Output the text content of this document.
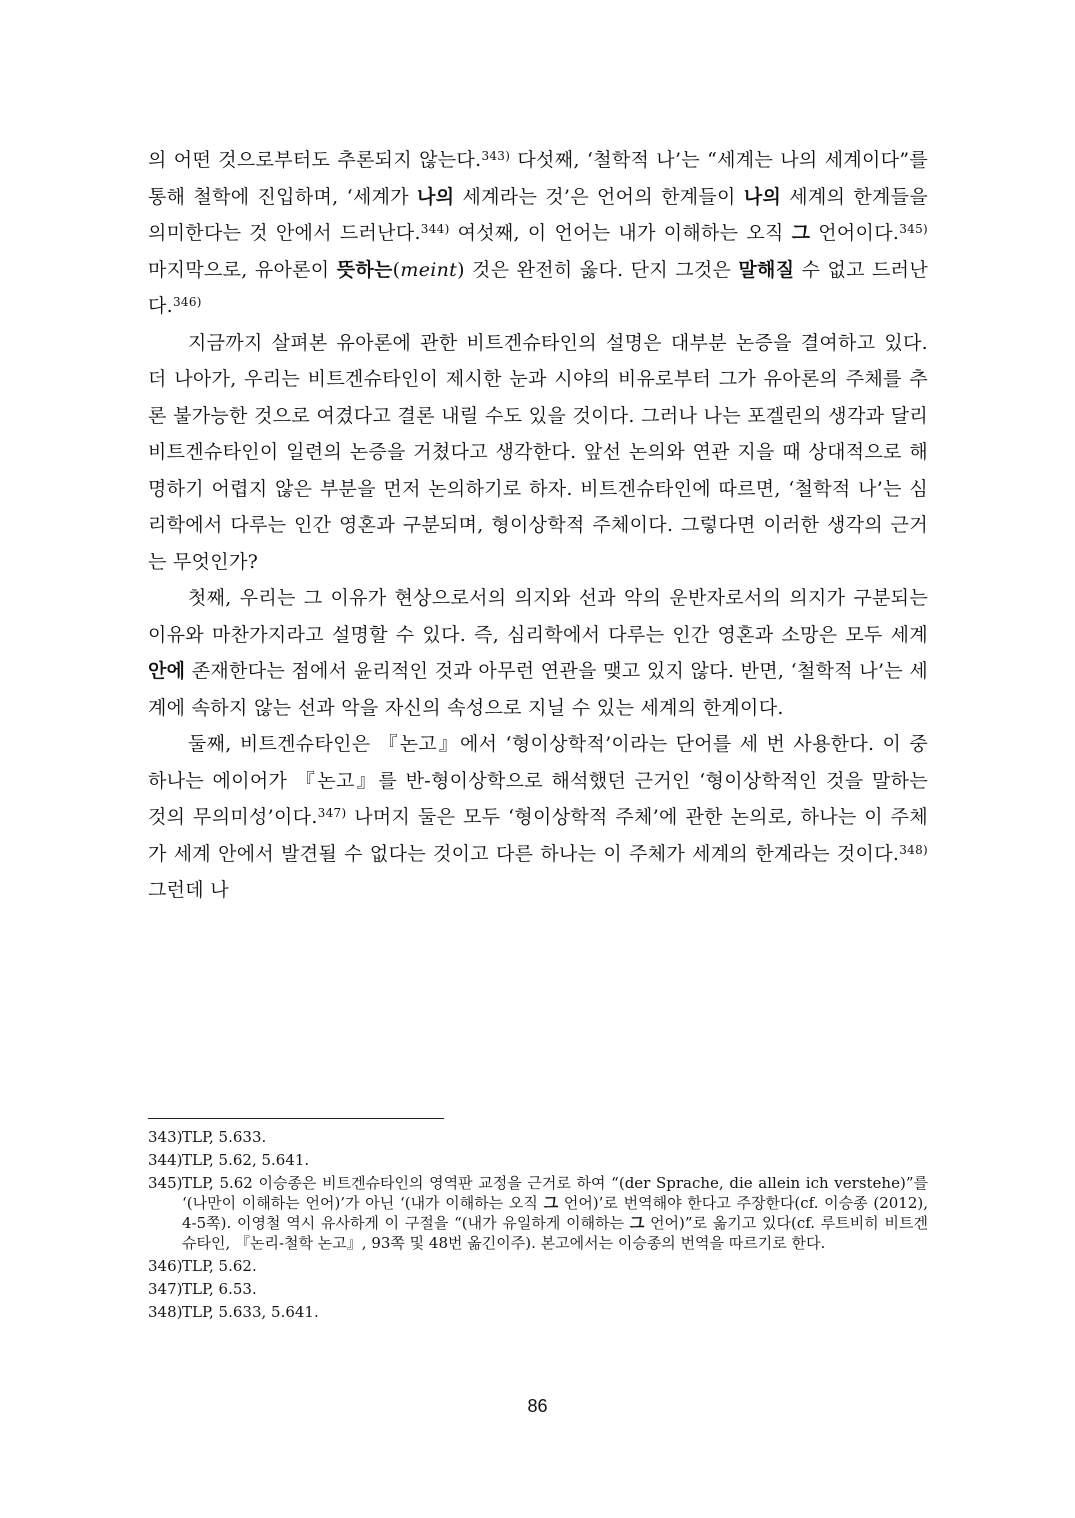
의 어떤 것으로부터도 추론되지 않는다.$^{343)}$ 다섯째, ‘철학적 나’는 “세계는 나의 세계이다”를 통해 철학에 진입하며, ‘세계가 나의 세계라는 것’은 언어의 한계들이 나의 세계의 한계들을 의미한다는 것 안에서 드러난다.$^{344)}$ 여섯째, 이 언어는 내가 이해하는 오직 그 언어이다.$^{345)}$ 마지막으로, 유아론이 뜻하는(meint) 것은 완전히 옳다. 단지 그것은 말해질 수 없고 드러난다.$^{346)}$

지금까지 살펴본 유아론에 관한 비트겐슈타인의 설명은 대부분 논증을 결여하고 있다. 더 나아가, 우리는 비트겐슈타인이 제시한 눈과 시야의 비유로부터 그가 유아론의 주체를 추론 불가능한 것으로 여겼다고 결론 내릴 수도 있을 것이다. 그러나 나는 포겔린의 생각과 달리 비트겐슈타인이 일련의 논증을 거쳤다고 생각한다. 앞선 논의와 연관 지을 때 상대적으로 해명하기 어렵지 않은 부분을 먼저 논의하기로 하자. 비트겐슈타인에 따르면, ‘철학적 나’는 심리학에서 다루는 인간 영혼과 구분되며, 형이상학적 주체이다. 그렇다면 이러한 생각의 근거는 무엇인가?

첫째, 우리는 그 이유가 현상으로서의 의지와 선과 악의 운반자로서의 의지가 구분되는 이유와 마찬가지라고 설명할 수 있다. 즉, 심리학에서 다루는 인간 영혼과 소망은 모두 세계 안에 존재한다는 점에서 윤리적인 것과 아무런 연관을 맺고 있지 않다. 반면, ‘철학적 나’는 세계에 속하지 않는 선과 악을 자신의 속성으로 지닐 수 있는 세계의 한계이다.

둘째, 비트겐슈타인은 『논고』에서 ‘형이상학적’이라는 단어를 세 번 사용한다. 이 중 하나는 에이어가 『논고』를 반-형이상학으로 해석했던 근거인 ‘형이상학적인 것을 말하는 것의 무의미성’이다.$^{347)}$ 나머지 둘은 모두 ‘형이상학적 주체’에 관한 논의로, 하나는 이 주체가 세계 안에서 발견될 수 없다는 것이고 다른 하나는 이 주체가 세계의 한계라는 것이다.$^{348)}$ 그런데 나

343) TLP, 5.633.
344) TLP, 5.62, 5.641.
345) TLP, 5.62 이승종은 비트겐슈타인의 영역판 교정을 근거로 하여 “(der Sprache, die allein ich verstehe)”를 ‘(나만이 이해하는 언어)’가 아닌 ‘(내가 이해하는 오직 그 언어)’로 번역해야 한다고 주장한다(cf. 이승종 (2012), 4-5쪽). 이영철 역시 유사하게 이 구절을 “(내가 유일하게 이해하는 그 언어)”로 옮기고 있다(cf. 루트비히 비트겐슈타인, 『논리-철학 논고』, 93쪽 및 48번 옮긴이주). 본고에서는 이승종의 번역을 따르기로 한다.
346) TLP, 5.62.
347) TLP, 6.53.
348) TLP, 5.633, 5.641.
86
